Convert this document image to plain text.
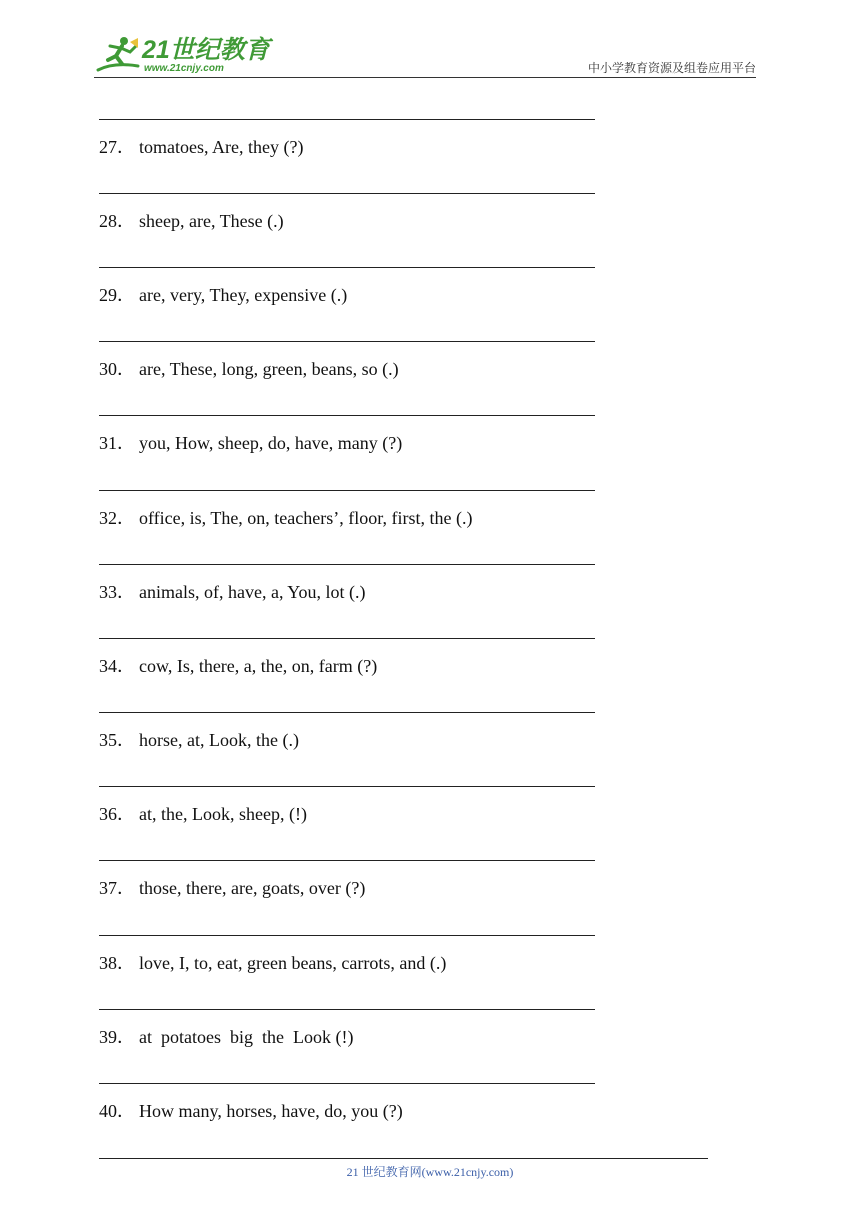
21世纪教育
www.21cnjy.com	中小学教育资源及组卷应用平台
27． tomatoes, Are, they (?)
28． sheep, are, These (.)
29． are, very, They, expensive (.)
30． are, These, long, green, beans, so (.)
31． you, How, sheep, do, have, many (?)
32． office, is, The, on, teachers’, floor, first, the (.)
33． animals, of, have, a, You, lot (.)
34． cow, Is, there, a, the, on, farm (?)
35． horse, at, Look, the (.)
36． at, the, Look, sheep, (!)
37． those, there, are, goats, over (?)
38． love, I, to, eat, green beans, carrots, and (.)
39． at  potatoes  big  the  Look (!)
40． How many, horses, have, do, you (?)
21 世纪教育网(www.21cnjy.com)
